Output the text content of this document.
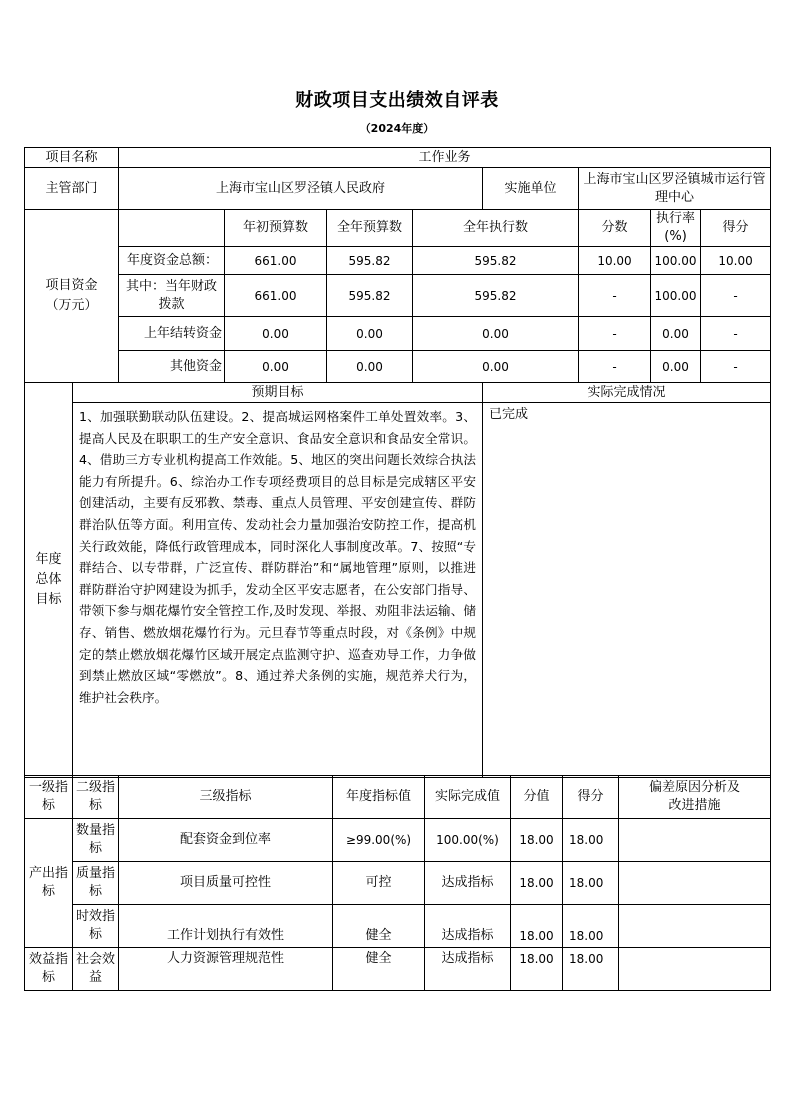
财政项目支出绩效自评表
（2024年度）
项目名称		工作业务							
主管部门		上海市宝山区罗泾镇人民政府				实施单位	上海市宝山区罗泾镇城市运行管理中心		
项目资金（万元）			年初预算数	全年预算数	全年执行数		分数	执行率(%)	得分
		年度资金总额：	661.00	595.82	595.82		10.00	100.00	10.00
		其中：当年财政拨款	661.00	595.82	595.82		-	100.00	-
		上年结转资金	0.00	0.00	0.00		-	0.00	-
		其他资金	0.00	0.00	0.00		-	0.00	-
年度总体目标	预期目标					实际完成情况			
	1、加强联勤联动队伍建设。2、提高城运网格案件工单处置效率。3、提高人民及在职职工的生产安全意识、食品安全意识和食品安全常识。4、借助三方专业机构提高工作效能。5、地区的突出问题长效综合执法能力有所提升。6、综治办工作专项经费项目的总目标是完成辖区平安创建活动，主要有反邪教、禁毒、重点人员管理、平安创建宣传、群防群治队伍等方面。利用宣传、发动社会力量加强治安防控工作，提高机关行政效能，降低行政管理成本，同时深化人事制度改革。7、按照“专群结合、以专带群，广泛宣传、群防群治”和“属地管理”原则，以推进群防群治守护网建设为抓手，发动全区平安志愿者，在公安部门指导、带领下参与烟花爆竹安全管控工作,及时发现、举报、劝阻非法运输、储存、销售、燃放烟花爆竹行为。元旦春节等重点时段，对《条例》中规定的禁止燃放烟花爆竹区域开展定点监测守护、巡查劝导工作，力争做到禁止燃放区域“零燃放”。8、通过养犬条例的实施，规范养犬行为，维护社会秩序。					已完成			
一级指标	二级指标	三级指标	年度指标值	实际完成值	分值	得分	偏差原因分析及改进措施
产出指标	数量指标	配套资金到位率	≥99.00(%)	100.00(%)	18.00	18.00	
	质量指标	项目质量可控性	可控	达成指标	18.00	18.00	
	时效指标	工作计划执行有效性	健全	达成指标	18.00	18.00	
效益指标	社会效益	人力资源管理规范性	健全	达成指标	18.00	18.00	
